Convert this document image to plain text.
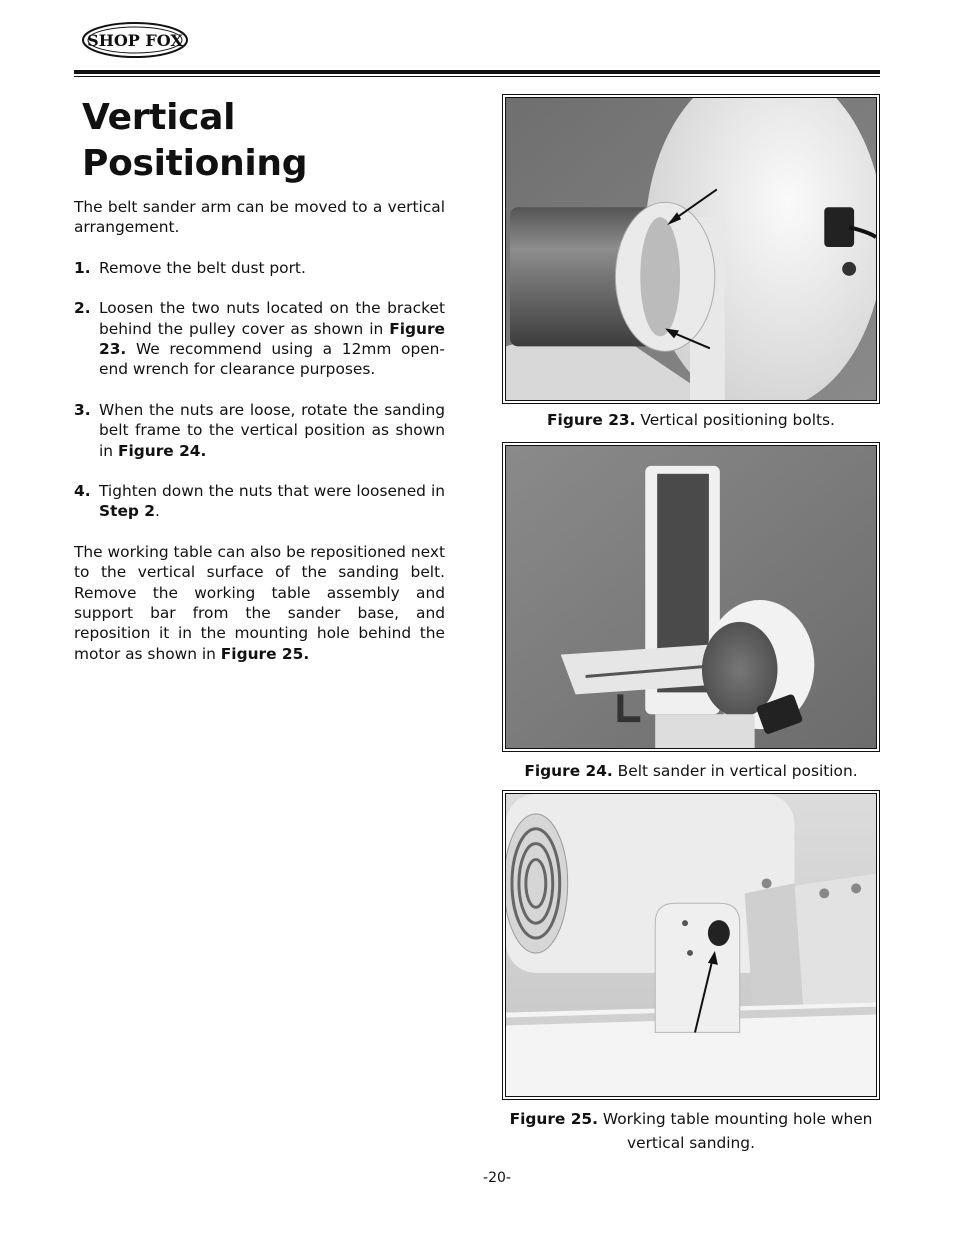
SHOP FOX
Vertical Positioning

The belt sander arm can be moved to a vertical arrangement.

1. Remove the belt dust port.
2. Loosen the two nuts located on the bracket behind the pulley cover as shown in Figure 23. We recommend using a 12mm open-end wrench for clearance purposes.
3. When the nuts are loose, rotate the sanding belt frame to the vertical position as shown in Figure 24.
4. Tighten down the nuts that were loosened in Step 2.

The working table can also be repositioned next to the vertical surface of the sanding belt. Remove the working table assembly and support bar from the sander base, and reposition it in the mounting hole behind the motor as shown in Figure 25.

Figure 23. Vertical positioning bolts.
Figure 24. Belt sander in vertical position.
Figure 25. Working table mounting hole when vertical sanding.
-20-
